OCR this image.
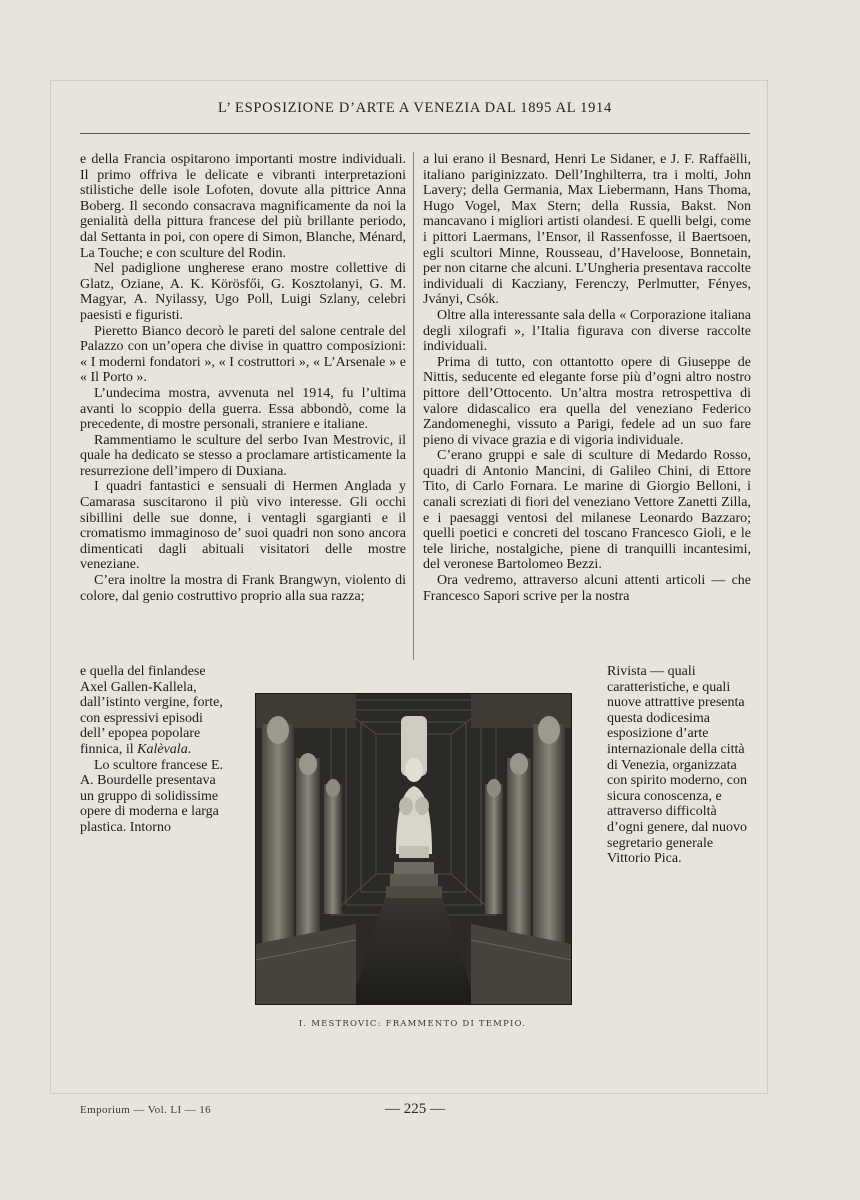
L’ ESPOSIZIONE D’ARTE A VENEZIA DAL 1895 AL 1914

e della Francia ospitarono importanti mostre individuali. Il primo offriva le delicate e vibranti interpretazioni stilistiche delle isole Lofoten, dovute alla pittrice Anna Boberg. Il secondo consacrava magnificamente da noi la genialità della pittura francese del più brillante periodo, dal Settanta in poi, con opere di Simon, Blanche, Ménard, La Touche; e con sculture del Rodin.

Nel padiglione ungherese erano mostre collettive di Glatz, Oziane, A. K. Körösfői, G. Kosztolanyi, G. M. Magyar, A. Nyilassy, Ugo Poll, Luigi Szlany, celebri paesisti e figuristi.

Pieretto Bianco decorò le pareti del salone centrale del Palazzo con un’opera che divise in quattro composizioni: « I moderni fondatori », « I costruttori », « L’Arsenale » e « Il Porto ».

L’undecima mostra, avvenuta nel 1914, fu l’ultima avanti lo scoppio della guerra. Essa abbondò, come la precedente, di mostre personali, straniere e italiane.

Rammentiamo le sculture del serbo Ivan Mestrovic, il quale ha dedicato se stesso a proclamare artisticamente la resurrezione dell’impero di Duxiana.

I quadri fantastici e sensuali di Hermen Anglada y Camarasa suscitarono il più vivo interesse. Gli occhi sibillini delle sue donne, i ventagli sgargianti e il cromatismo immaginoso de’ suoi quadri non sono ancora dimenticati dagli abituali visitatori delle mostre veneziane.

C’era inoltre la mostra di Frank Brangwyn, violento di colore, dal genio costruttivo proprio alla sua razza;

e quella del finlandese Axel Gallen-Kallela, dall’istinto vergine, forte, con espressivi episodi dell’ epopea popolare finnica, il Kalèvala.

Lo scultore francese E. A. Bourdelle presentava un gruppo di solidissime opere di moderna e larga plastica. Intorno

a lui erano il Besnard, Henri Le Sidaner, e J. F. Raffaëlli, italiano pariginizzato. Dell’Inghilterra, tra i molti, John Lavery; della Germania, Max Liebermann, Hans Thoma, Hugo Vogel, Max Stern; della Russia, Bakst. Non mancavano i migliori artisti olandesi. E quelli belgi, come i pittori Laermans, l’Ensor, il Rassenfosse, il Baertsoen, egli scultori Minne, Rousseau, d’Haveloose, Bonnetain, per non citarne che alcuni. L’Ungheria presentava raccolte individuali di Kacziany, Ferenczy, Perlmutter, Fényes, Jványi, Csók.

Oltre alla interessante sala della « Corporazione italiana degli xilografi », l’Italia figurava con diverse raccolte individuali.

Prima di tutto, con ottantotto opere di Giuseppe de Nittis, seducente ed elegante forse più d’ogni altro nostro pittore dell’Ottocento. Un’altra mostra retrospettiva di valore didascalico era quella del veneziano Federico Zandomeneghi, vissuto a Parigi, fedele ad un suo fare pieno di vivace grazia e di vigoria individuale.

C’erano gruppi e sale di sculture di Medardo Rosso, quadri di Antonio Mancini, di Galileo Chini, di Ettore Tito, di Carlo Fornara. Le marine di Giorgio Belloni, i canali screziati di fiori del veneziano Vettore Zanetti Zilla, e i paesaggi ventosi del milanese Leonardo Bazzaro; quelli poetici e concreti del toscano Francesco Gioli, e le tele liriche, nostalgiche, piene di tranquilli incantesimi, del veronese Bartolomeo Bezzi.

Ora vedremo, attraverso alcuni attenti articoli — che Francesco Sapori scrive per la nostra

Rivista — quali caratteristiche, e quali nuove attrattive presenta questa dodicesima esposizione d’arte internazionale della città di Venezia, organizzata con spirito moderno, con sicura conoscenza, e attraverso difficoltà d’ogni genere, dal nuovo segretario generale Vittorio Pica.

I. MESTROVIC: FRAMMENTO DI TEMPIO.
Emporium — Vol. LI — 16	— 225 —
